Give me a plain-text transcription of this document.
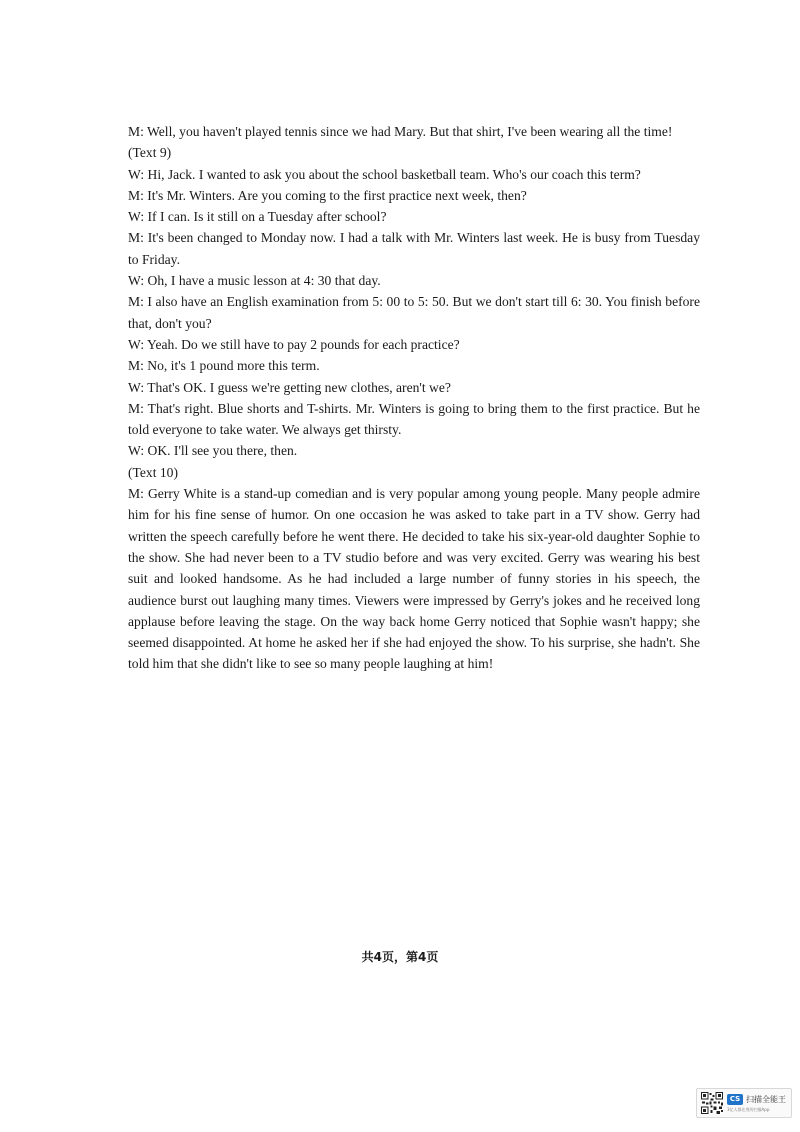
M: Well, you haven't played tennis since we had Mary. But that shirt, I've been wearing all the time!

(Text 9)

W: Hi, Jack. I wanted to ask you about the school basketball team. Who's our coach this term?

M: It's Mr. Winters. Are you coming to the first practice next week, then?

W: If I can. Is it still on a Tuesday after school?

M: It's been changed to Monday now. I had a talk with Mr. Winters last week. He is busy from Tuesday to Friday.

W: Oh, I have a music lesson at 4: 30 that day.

M: I also have an English examination from 5: 00 to 5: 50. But we don't start till 6: 30. You finish before that, don't you?

W: Yeah. Do we still have to pay 2 pounds for each practice?

M: No, it's 1 pound more this term.

W: That's OK. I guess we're getting new clothes, aren't we?

M: That's right. Blue shorts and T-shirts. Mr. Winters is going to bring them to the first practice. But he told everyone to take water. We always get thirsty.

W: OK. I'll see you there, then.

(Text 10)

M: Gerry White is a stand-up comedian and is very popular among young people. Many people admire him for his fine sense of humor. On one occasion he was asked to take part in a TV show. Gerry had written the speech carefully before he went there. He decided to take his six-year-old daughter Sophie to the show. She had never been to a TV studio before and was very excited. Gerry was wearing his best suit and looked handsome. As he had included a large number of funny stories in his speech, the audience burst out laughing many times. Viewers were impressed by Gerry's jokes and he received long applause before leaving the stage. On the way back home Gerry noticed that Sophie wasn't happy; she seemed disappointed. At home he asked her if she had enjoyed the show. To his surprise, she hadn't. She told him that she didn't like to see so many people laughing at him!

共4页，第4页
CS 扫描全能王
3亿人都在用的扫描App
